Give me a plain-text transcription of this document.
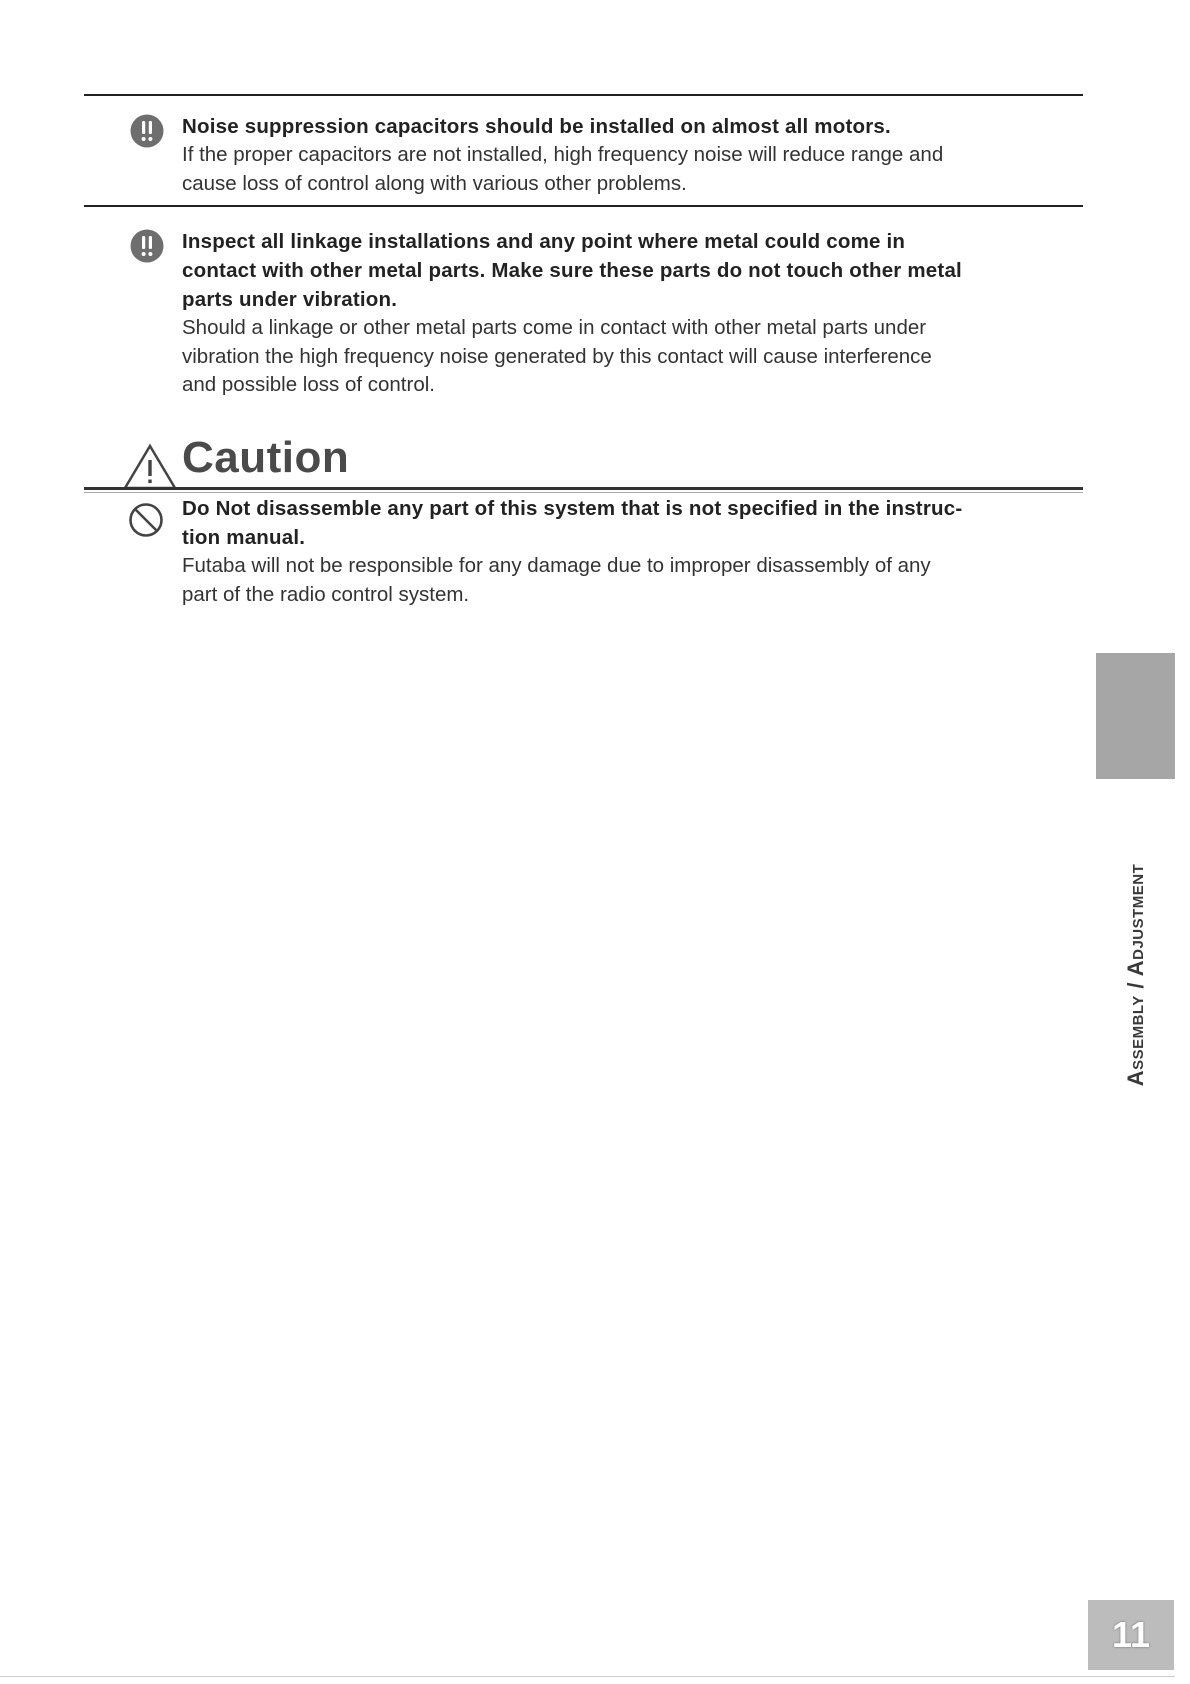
Noise suppression capacitors should be installed on almost all motors.
If the proper capacitors are not installed, high frequency noise will reduce range and
cause loss of control along with various other problems.
Inspect all linkage installations and any point where metal could come in
contact with other metal parts. Make sure these parts do not touch other metal
parts under vibration.
Should a linkage or other metal parts come in contact with other metal parts under
vibration the high frequency noise generated by this contact will cause interference
and possible loss of control.
Caution
Do Not disassemble any part of this system that is not specified in the instruc-
tion manual.
Futaba will not be responsible for any damage due to improper disassembly of any
part of the radio control system.
Assembly / Adjustment
11
